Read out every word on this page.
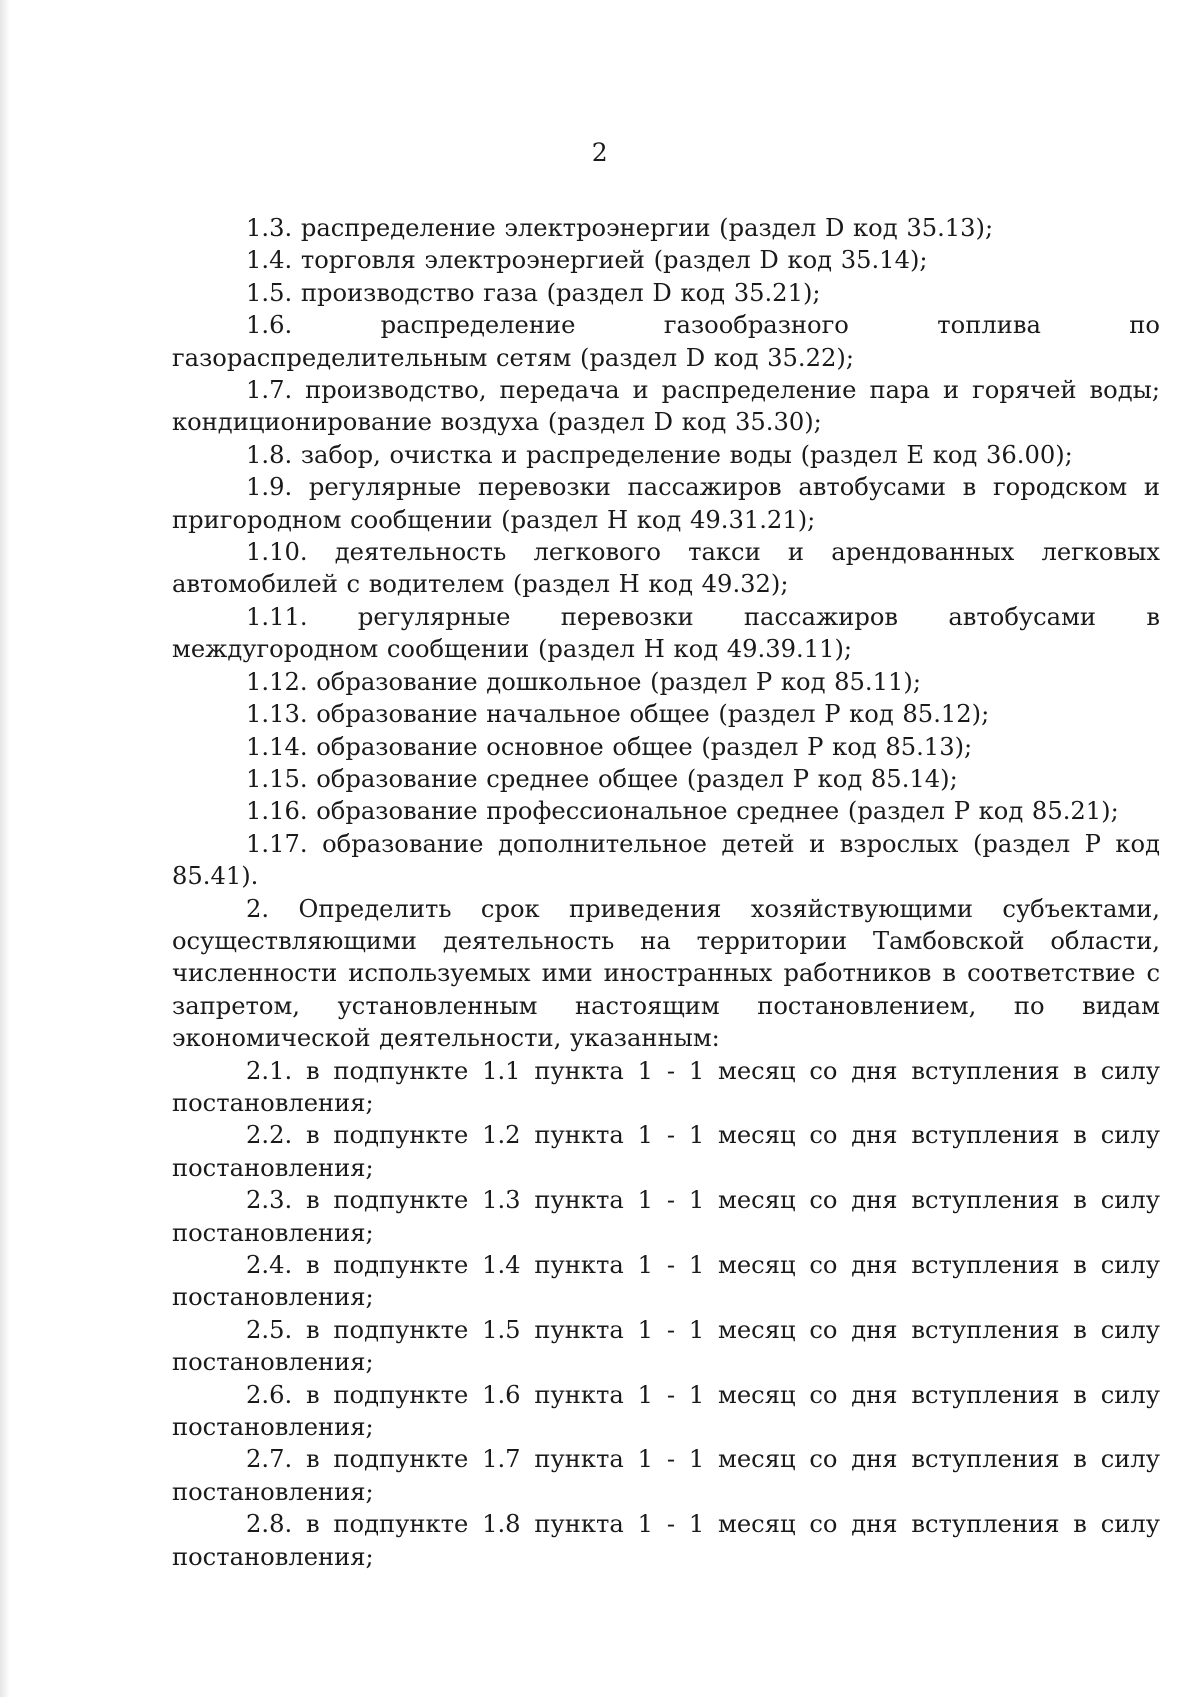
2

1.3. распределение электроэнергии (раздел D код 35.13);

1.4. торговля электроэнергией (раздел D код 35.14);

1.5. производство газа (раздел D код 35.21);

1.6. распределение газообразного топлива по газораспределительным сетям (раздел D код 35.22);

1.7. производство, передача и распределение пара и горячей воды; кондиционирование воздуха (раздел D код 35.30);

1.8. забор, очистка и распределение воды (раздел E код 36.00);

1.9. регулярные перевозки пассажиров автобусами в городском и пригородном сообщении (раздел H код 49.31.21);

1.10. деятельность легкового такси и арендованных легковых автомобилей с водителем (раздел H код 49.32);

1.11. регулярные перевозки пассажиров автобусами в междугородном сообщении (раздел H код 49.39.11);

1.12. образование дошкольное (раздел P код 85.11);

1.13. образование начальное общее (раздел P код 85.12);

1.14. образование основное общее (раздел P код 85.13);

1.15. образование среднее общее (раздел P код 85.14);

1.16. образование профессиональное среднее (раздел P код 85.21);

1.17. образование дополнительное детей и взрослых (раздел P код 85.41).

2. Определить срок приведения хозяйствующими субъектами, осуществляющими деятельность на территории Тамбовской области, численности используемых ими иностранных работников в соответствие с запретом, установленным настоящим постановлением, по видам экономической деятельности, указанным:

2.1. в подпункте 1.1 пункта 1 - 1 месяц со дня вступления в силу постановления;

2.2. в подпункте 1.2 пункта 1 - 1 месяц со дня вступления в силу постановления;

2.3. в подпункте 1.3 пункта 1 - 1 месяц со дня вступления в силу постановления;

2.4. в подпункте 1.4 пункта 1 - 1 месяц со дня вступления в силу постановления;

2.5. в подпункте 1.5 пункта 1 - 1 месяц со дня вступления в силу постановления;

2.6. в подпункте 1.6 пункта 1 - 1 месяц со дня вступления в силу постановления;

2.7. в подпункте 1.7 пункта 1 - 1 месяц со дня вступления в силу постановления;

2.8. в подпункте 1.8 пункта 1 - 1 месяц со дня вступления в силу постановления;
